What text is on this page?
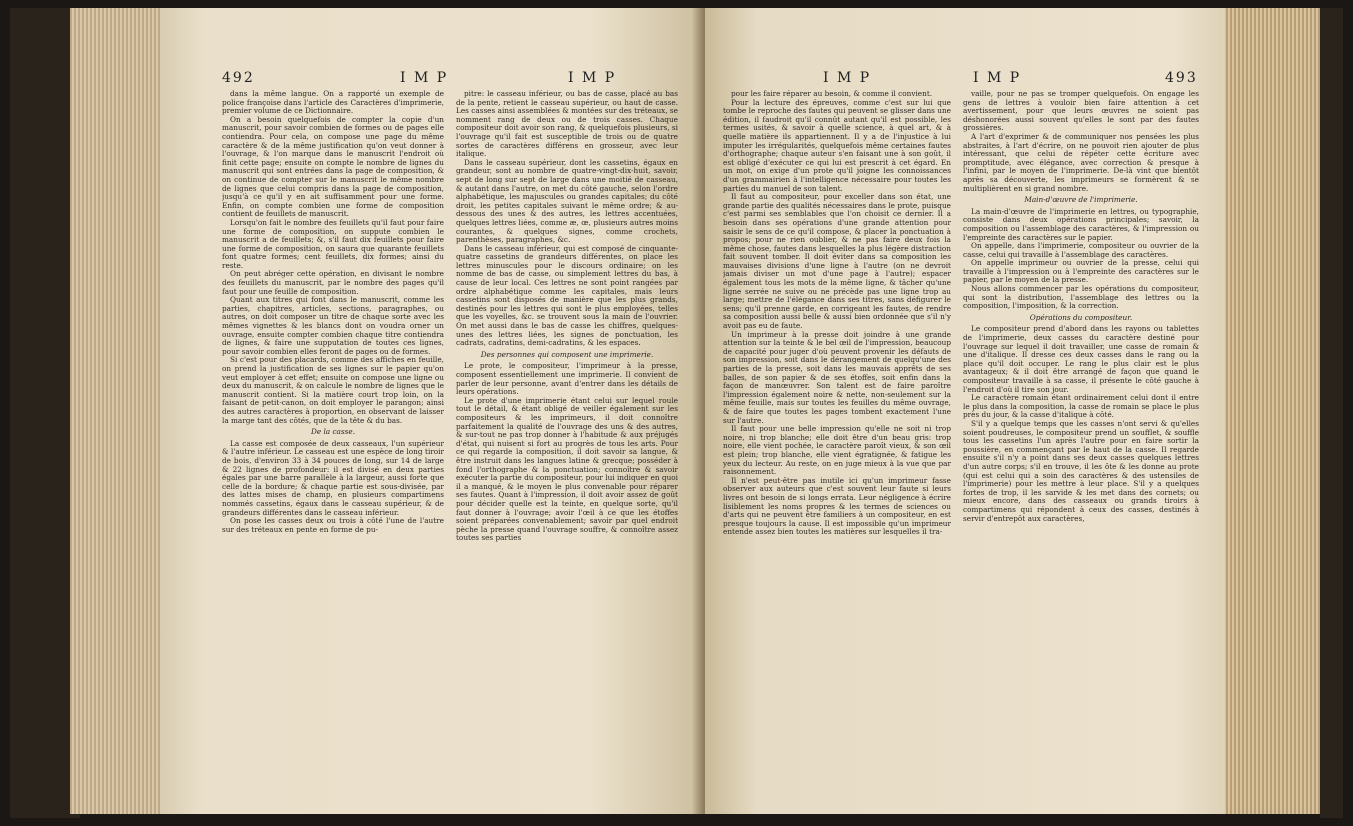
492	I M P	I M P

dans la même langue. On a rapporté un exemple de police françoise dans l'article des Caractères d'imprimerie, premier volume de ce Dictionnaire.

On a besoin quelquefois de compter la copie d'un manuscrit, pour savoir combien de formes ou de pages elle contiendra. Pour cela, on compose une page du même caractère & de la même justification qu'on veut donner à l'ouvrage, & l'on marque dans le manuscrit l'endroit où finit cette page; ensuite on compte le nombre de lignes du manuscrit qui sont entrées dans la page de composition, & on continue de compter sur le manuscrit le même nombre de lignes que celui compris dans la page de composition, jusqu'à ce qu'il y en ait suffisamment pour une forme. Enfin, on compte combien une forme de composition contient de feuillets de manuscrit.

Lorsqu'on fait le nombre des feuillets qu'il faut pour faire une forme de composition, on suppute combien le manuscrit a de feuillets; &, s'il faut dix feuillets pour faire une forme de composition, on saura que quarante feuillets font quatre formes; cent feuillets, dix formes; ainsi du reste.

On peut abréger cette opération, en divisant le nombre des feuillets du manuscrit, par le nombre des pages qu'il faut pour une feuille de composition.

Quant aux titres qui font dans le manuscrit, comme les parties, chapitres, articles, sections, paragraphes, ou autres, on doit composer un titre de chaque sorte avec les mêmes vignettes & les blancs dont on voudra orner un ouvrage, ensuite compter combien chaque titre contiendra de lignes, & faire une supputation de toutes ces lignes, pour savoir combien elles feront de pages ou de formes.

Si c'est pour des placards, comme des affiches en feuille, on prend la justification de ses lignes sur le papier qu'on veut employer à cet effet; ensuite on compose une ligne ou deux du manuscrit, & on calcule le nombre de lignes que le manuscrit contient. Si la matière court trop loin, on la faisant de petit-canon, on doit employer le parangon; ainsi des autres caractères à proportion, en observant de laisser la marge tant des côtés, que de la tête & du bas.

De la casse.

La casse est composée de deux casseaux, l'un supérieur & l'autre inférieur. Le casseau est une espèce de long tiroir de bois, d'environ 33 à 34 pouces de long, sur 14 de large & 22 lignes de profondeur: il est divisé en deux parties égales par une barre parallèle à la largeur, aussi forte que celle de la bordure; & chaque partie est sous-divisée, par des lattes mises de champ, en plusieurs compartimens nommés cassetins, égaux dans le casseau supérieur, & de grandeurs différentes dans le casseau inférieur.

On pose les casses deux ou trois à côté l'une de l'autre sur des tréteaux en pente en forme de pu-

pitre: le casseau inférieur, ou bas de casse, placé au bas de la pente, retient le casseau supérieur, ou haut de casse. Les casses ainsi assemblées & montées sur des tréteaux, se nomment rang de deux ou de trois casses. Chaque compositeur doit avoir son rang, & quelquefois plusieurs, si l'ouvrage qu'il fait est susceptible de trois ou de quatre sortes de caractères différens en grosseur, avec leur italique.

Dans le casseau supérieur, dont les cassetins, égaux en grandeur, sont au nombre de quatre-vingt-dix-huit, savoir, sept de long sur sept de large dans une moitié de casseau, & autant dans l'autre, on met du côté gauche, selon l'ordre alphabétique, les majuscules ou grandes capitales; du côté droit, les petites capitales suivant le même ordre; & au-dessous des unes & des autres, les lettres accentuées, quelques lettres liées, comme æ, œ, plusieurs autres moins courantes, & quelques signes, comme crochets, parenthèses, paragraphes, &c.

Dans le casseau inférieur, qui est composé de cinquante-quatre cassetins de grandeurs différentes, on place les lettres minuscules pour le discours ordinaire; on les nomme de bas de casse, ou simplement lettres du bas, à cause de leur local. Ces lettres ne sont point rangées par ordre alphabétique comme les capitales, mais leurs cassetins sont disposés de manière que les plus grands, destinés pour les lettres qui sont le plus employées, telles que les voyelles, &c. se trouvent sous la main de l'ouvrier. On met aussi dans le bas de casse les chiffres, quelques-unes des lettres liées, les signes de ponctuation, les cadrats, cadratins, demi-cadratins, & les espaces.

Des personnes qui composent une imprimerie.

Le prote, le compositeur, l'imprimeur à la presse, composent essentiellement une imprimerie. Il convient de parler de leur personne, avant d'entrer dans les détails de leurs opérations.

Le prote d'une imprimerie étant celui sur lequel roule tout le détail, & étant obligé de veiller également sur les compositeurs & les imprimeurs, il doit connoître parfaitement la qualité de l'ouvrage des uns & des autres, & sur-tout ne pas trop donner à l'habitude & aux préjugés d'état, qui nuisent si fort au progrès de tous les arts. Pour ce qui regarde la composition, il doit savoir sa langue, & être instruit dans les langues latine & grecque; posséder à fond l'orthographe & la ponctuation; connoître & savoir exécuter la partie du compositeur, pour lui indiquer en quoi il a manqué, & le moyen le plus convenable pour réparer ses fautes. Quant à l'impression, il doit avoir assez de goût pour décider quelle est la teinte, en quelque sorte, qu'il faut donner à l'ouvrage; avoir l'œil à ce que les étoffes soient préparées convenablement; savoir par quel endroit pèche la presse quand l'ouvrage souffre, & connoître assez toutes ses parties

I M P	I M P	493

pour les faire réparer au besoin, & comme il convient.

Pour la lecture des épreuves, comme c'est sur lui que tombe le reproche des fautes qui peuvent se glisser dans une édition, il faudroit qu'il connût autant qu'il est possible, les termes usités, & savoir à quelle science, à quel art, & à quelle matière ils appartiennent. Il y a de l'injustice à lui imputer les irrégularités, quelquefois même certaines fautes d'orthographe; chaque auteur s'en faisant une à son goût, il est obligé d'exécuter ce qui lui est prescrit à cet égard. En un mot, on exige d'un prote qu'il joigne les connoissances d'un grammairien à l'intelligence nécessaire pour toutes les parties du manuel de son talent.

Il faut au compositeur, pour exceller dans son état, une grande partie des qualités nécessaires dans le prote, puisque c'est parmi ses semblables que l'on choisit ce dernier. Il a besoin dans ses opérations d'une grande attention pour saisir le sens de ce qu'il compose, & placer la ponctuation à propos; pour ne rien oublier, & ne pas faire deux fois la même chose, fautes dans lesquelles la plus légère distraction fait souvent tomber. Il doit éviter dans sa composition les mauvaises divisions d'une ligne à l'autre (on ne devroit jamais diviser un mot d'une page à l'autre); espacer également tous les mots de la même ligne, & tâcher qu'une ligne serrée ne suive ou ne précède pas une ligne trop au large; mettre de l'élégance dans ses titres, sans défigurer le sens; qu'il prenne garde, en corrigeant les fautes, de rendre sa composition aussi belle & aussi bien ordonnée que s'il n'y avoit pas eu de faute.

Un imprimeur à la presse doit joindre à une grande attention sur la teinte & le bel œil de l'impression, beaucoup de capacité pour juger d'où peuvent provenir les défauts de son impression, soit dans le dérangement de quelqu'une des parties de la presse, soit dans les mauvais apprêts de ses balles, de son papier & de ses étoffes, soit enfin dans la façon de manœuvrer. Son talent est de faire paroître l'impression également noire & nette, non-seulement sur la même feuille, mais sur toutes les feuilles du même ouvrage, & de faire que toutes les pages tombent exactement l'une sur l'autre.

Il faut pour une belle impression qu'elle ne soit ni trop noire, ni trop blanche; elle doit être d'un beau gris: trop noire, elle vient pochée, le caractère paroît vieux, & son œil est plein; trop blanche, elle vient égratignée, & fatigue les yeux du lecteur. Au reste, on en juge mieux à la vue que par raisonnement.

Il n'est peut-être pas inutile ici qu'un imprimeur fasse observer aux auteurs que c'est souvent leur faute si leurs livres ont besoin de si longs errata. Leur négligence à écrire lisiblement les noms propres & les termes de sciences ou d'arts qui ne peuvent être familiers à un compositeur, en est presque toujours la cause. Il est impossible qu'un imprimeur entende assez bien toutes les matières sur lesquelles il tra-

vaille, pour ne pas se tromper quelquefois. On engage les gens de lettres à vouloir bien faire attention à cet avertissement, pour que leurs œuvres ne soient pas déshonorées aussi souvent qu'elles le sont par des fautes grossières.

A l'art d'exprimer & de communiquer nos pensées les plus abstraites, à l'art d'écrire, on ne pouvoit rien ajouter de plus intéressant, que celui de répéter cette écriture avec promptitude, avec élégance, avec correction & presque à l'infini, par le moyen de l'imprimerie. De-là vint que bientôt après sa découverte, les imprimeurs se formèrent & se multiplièrent en si grand nombre.

Main-d'œuvre de l'imprimerie.

La main-d'œuvre de l'imprimerie en lettres, ou typographie, consiste dans deux opérations principales; savoir, la composition ou l'assemblage des caractères, & l'impression ou l'empreinte des caractères sur le papier.

On appelle, dans l'imprimerie, compositeur ou ouvrier de la casse, celui qui travaille à l'assemblage des caractères.

On appelle imprimeur ou ouvrier de la presse, celui qui travaille à l'impression ou à l'empreinte des caractères sur le papier, par le moyen de la presse.

Nous allons commencer par les opérations du compositeur, qui sont la distribution, l'assemblage des lettres ou la composition, l'imposition, & la correction.

Opérations du compositeur.

Le compositeur prend d'abord dans les rayons ou tablettes de l'imprimerie, deux casses du caractère destiné pour l'ouvrage sur lequel il doit travailler, une casse de romain & une d'italique. Il dresse ces deux casses dans le rang ou la place qu'il doit occuper. Le rang le plus clair est le plus avantageux; & il doit être arrangé de façon que quand le compositeur travaille à sa casse, il présente le côté gauche à l'endroit d'où il tire son jour.

Le caractère romain étant ordinairement celui dont il entre le plus dans la composition, la casse de romain se place le plus près du jour, & la casse d'italique à côté.

S'il y a quelque temps que les casses n'ont servi & qu'elles soient poudreuses, le compositeur prend un soufflet, & souffle tous les cassetins l'un après l'autre pour en faire sortir la poussière, en commençant par le haut de la casse. Il regarde ensuite s'il n'y a point dans ses deux casses quelques lettres d'un autre corps; s'il en trouve, il les ôte & les donne au prote (qui est celui qui a soin des caractères & des ustensiles de l'imprimerie) pour les mettre à leur place. S'il y a quelques fortes de trop, il les sarvide & les met dans des cornets; ou mieux encore, dans des casseaux ou grands tiroirs à compartimens qui répondent à ceux des casses, destinés à servir d'entrepôt aux caractères,
